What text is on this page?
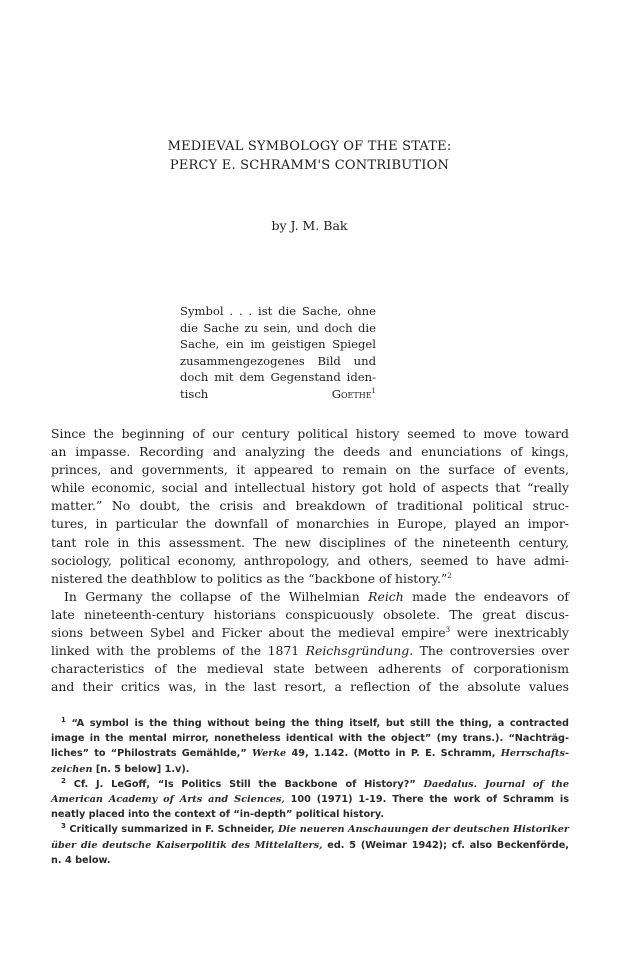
MEDIEVAL SYMBOLOGY OF THE STATE:
PERCY E. SCHRAMM'S CONTRIBUTION
by J. M. Bak
Symbol . . . ist die Sache, ohne
die Sache zu sein, und doch die
Sache, ein im geistigen Spiegel
zusammengezogenes Bild und
doch mit dem Gegenstand iden-
tisch	Goethe$^1$
Since the beginning of our century political history seemed to move toward
an impasse. Recording and analyzing the deeds and enunciations of kings,
princes, and governments, it appeared to remain on the surface of events,
while economic, social and intellectual history got hold of aspects that “really
matter.” No doubt, the crisis and breakdown of traditional political struc-
tures, in particular the downfall of monarchies in Europe, played an impor-
tant role in this assessment. The new disciplines of the nineteenth century,
sociology, political economy, anthropology, and others, seemed to have admi-
nistered the deathblow to politics as the “backbone of history.”$^2$
In Germany the collapse of the Wilhelmian Reich made the endeavors of
late nineteenth-century historians conspicuously obsolete. The great discus-
sions between Sybel and Ficker about the medieval empire$^3$ were inextricably
linked with the problems of the 1871 Reichsgründung. The controversies over
characteristics of the medieval state between adherents of corporationism
and their critics was, in the last resort, a reflection of the absolute values
$^1$ “A symbol is the thing without being the thing itself, but still the thing, a contracted
image in the mental mirror, nonetheless identical with the object” (my trans.). “Nachträg-
liches” to “Philostrats Gemählde,” Werke 49, 1.142. (Motto in P. E. Schramm, Herrschafts-
zeichen [n. 5 below] 1.v).
$^2$ Cf. J. LeGoff, “Is Politics Still the Backbone of History?” Daedalus. Journal of the
American Academy of Arts and Sciences, 100 (1971) 1-19. There the work of Schramm is
neatly placed into the context of “in-depth” political history.
$^3$ Critically summarized in F. Schneider, Die neueren Anschauungen der deutschen Historiker
über die deutsche Kaiserpolitik des Mittelalters, ed. 5 (Weimar 1942); cf. also Beckenförde,
n. 4 below.
